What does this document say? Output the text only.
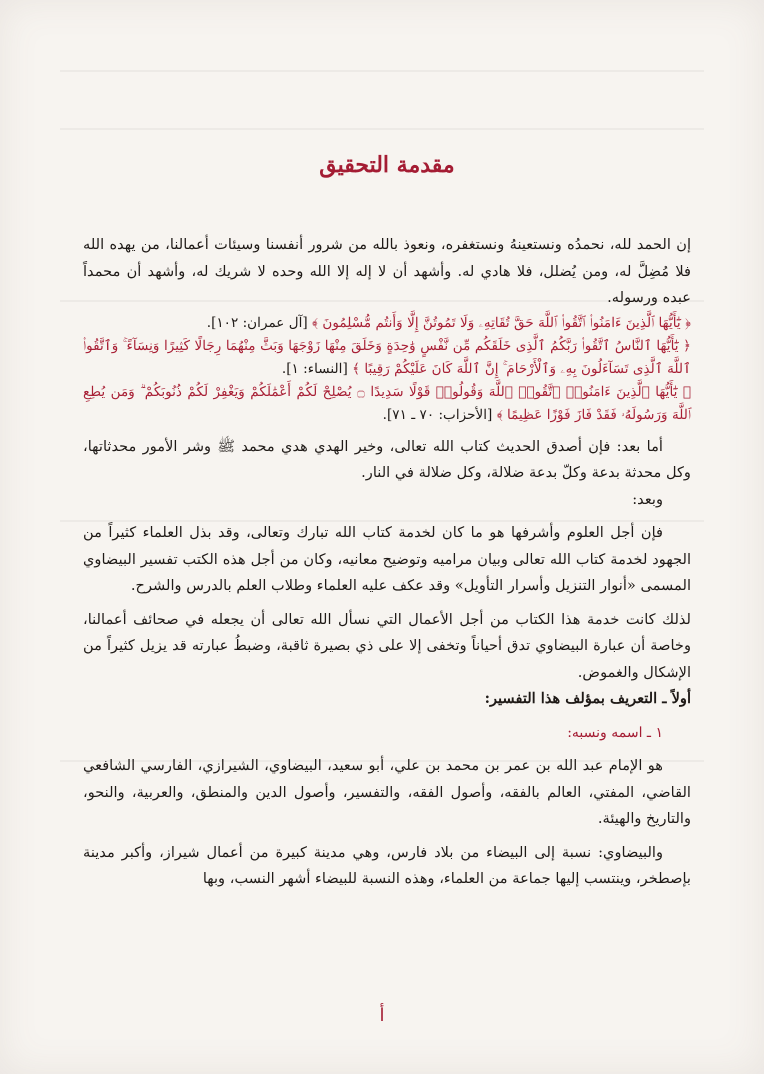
مقدمة التحقيق

إن الحمد لله، نحمدُه ونستعينهُ ونستغفره، ونعوذ بالله من شرور أنفسنا وسيئات أعمالنا، من يهده الله فلا مُضِلَّ له، ومن يُضلل، فلا هادي له. وأشهد أن لا إله إلا الله وحده لا شريك له، وأشهد أن محمداً عبده ورسوله.

﴿ يَٰٓأَيُّهَا ٱلَّذِينَ ءَامَنُوا۟ ٱتَّقُوا۟ ٱللَّهَ حَقَّ تُقَاتِهِۦ وَلَا تَمُوتُنَّ إِلَّا وَأَنتُم مُّسْلِمُونَ ﴾ [آل عمران: ١٠٢].

﴿ يَٰٓأَيُّهَا ٱلنَّاسُ ٱتَّقُوا۟ رَبَّكُمُ ٱلَّذِى خَلَقَكُم مِّن نَّفْسٍ وَٰحِدَةٍ وَخَلَقَ مِنْهَا زَوْجَهَا وَبَثَّ مِنْهُمَا رِجَالًا كَثِيرًا وَنِسَآءً ۚ وَٱتَّقُوا۟ ٱللَّهَ ٱلَّذِى تَسَآءَلُونَ بِهِۦ وَٱلْأَرْحَامَ ۚ إِنَّ ٱللَّهَ كَانَ عَلَيْكُمْ رَقِيبًا ﴾ [النساء: ١].

﴿ يَٰٓأَيُّهَا ٱلَّذِينَ ءَامَنُوا۟ ٱتَّقُوا۟ ٱللَّهَ وَقُولُوا۟ قَوْلًا سَدِيدًا ۝ يُصْلِحْ لَكُمْ أَعْمَٰلَكُمْ وَيَغْفِرْ لَكُمْ ذُنُوبَكُمْ ۗ وَمَن يُطِعِ ٱللَّهَ وَرَسُولَهُۥ فَقَدْ فَازَ فَوْزًا عَظِيمًا ﴾ [الأحزاب: ٧٠ ـ ٧١].

أما بعد: فإن أصدق الحديث كتاب الله تعالى، وخير الهدي هدي محمد ﷺ وشر الأمور محدثاتها، وكل محدثة بدعة وكلّ بدعة ضلالة، وكل ضلالة في النار.

وبعد:

فإن أجل العلوم وأشرفها هو ما كان لخدمة كتاب الله تبارك وتعالى، وقد بذل العلماء كثيراً من الجهود لخدمة كتاب الله تعالى وبيان مراميه وتوضيح معانيه، وكان من أجل هذه الكتب تفسير البيضاوي المسمى «أنوار التنزيل وأسرار التأويل» وقد عكف عليه العلماء وطلاب العلم بالدرس والشرح.

لذلك كانت خدمة هذا الكتاب من أجل الأعمال التي نسأل الله تعالى أن يجعله في صحائف أعمالنا، وخاصة أن عبارة البيضاوي تدق أحياناً وتخفى إلا على ذي بصيرة ثاقبة، وضبطُ عبارته قد يزيل كثيراً من الإشكال والغموض.

أولاً ـ التعريف بمؤلف هذا التفسير:

١ ـ اسمه ونسبه:

هو الإمام عبد الله بن عمر بن محمد بن علي، أبو سعيد، البيضاوي، الشيرازي، الفارسي الشافعي القاضي، المفتي، العالم بالفقه، وأصول الفقه، والتفسير، وأصول الدين والمنطق، والعربية، والنحو، والتاريخ والهيئة.

والبيضاوي: نسبة إلى البيضاء من بلاد فارس، وهي مدينة كبيرة من أعمال شيراز، وأكبر مدينة بإصطخر، وينتسب إليها جماعة من العلماء، وهذه النسبة للبيضاء أشهر النسب، وبها

أ
